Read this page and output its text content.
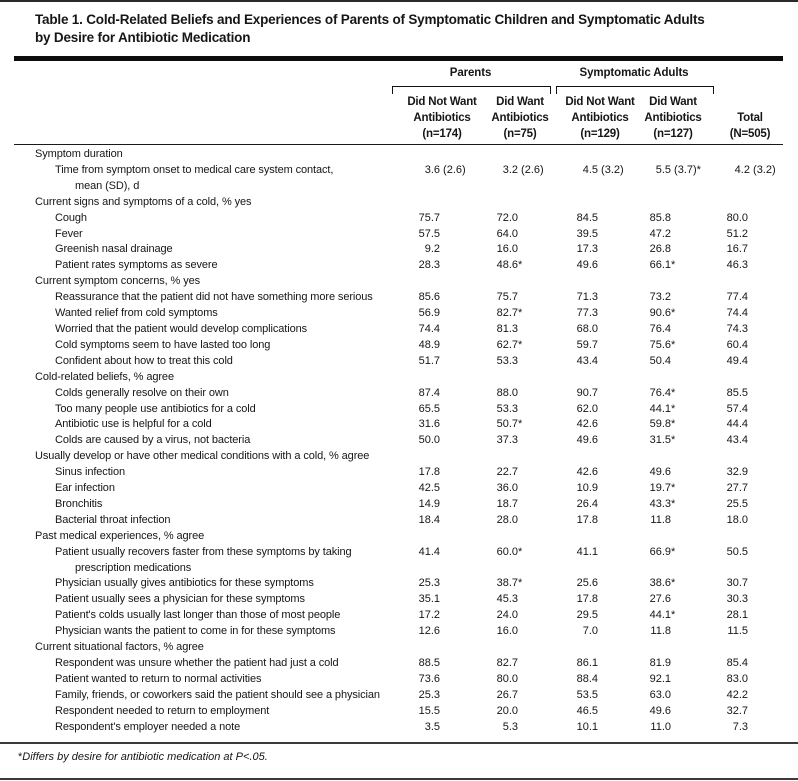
Table 1. Cold-Related Beliefs and Experiences of Parents of Symptomatic Children and Symptomatic Adults
by Desire for Antibiotic Medication
Parents	Symptomatic Adults
Did Not Want
Antibiotics
(n=174)
Did Want
Antibiotics
(n=75)
Did Not Want
Antibiotics
(n=129)
Did Want
Antibiotics
(n=127)
Total
(N=505)
Symptom duration
Time from symptom onset to medical care system contact,
mean (SD), d
3.6 (2.6)	3.2 (2.6)	4.5 (3.2)	5.5 (3.7)*	4.2 (3.2)
Current signs and symptoms of a cold, % yes
Cough	75.7	72.0	84.5	85.8	80.0
Fever	57.5	64.0	39.5	47.2	51.2
Greenish nasal drainage	9.2	16.0	17.3	26.8	16.7
Patient rates symptoms as severe	28.3	48.6*	49.6	66.1*	46.3
Current symptom concerns, % yes
Reassurance that the patient did not have something more serious	85.6	75.7	71.3	73.2	77.4
Wanted relief from cold symptoms	56.9	82.7*	77.3	90.6*	74.4
Worried that the patient would develop complications	74.4	81.3	68.0	76.4	74.3
Cold symptoms seem to have lasted too long	48.9	62.7*	59.7	75.6*	60.4
Confident about how to treat this cold	51.7	53.3	43.4	50.4	49.4
Cold-related beliefs, % agree
Colds generally resolve on their own	87.4	88.0	90.7	76.4*	85.5
Too many people use antibiotics for a cold	65.5	53.3	62.0	44.1*	57.4
Antibiotic use is helpful for a cold	31.6	50.7*	42.6	59.8*	44.4
Colds are caused by a virus, not bacteria	50.0	37.3	49.6	31.5*	43.4
Usually develop or have other medical conditions with a cold, % agree
Sinus infection	17.8	22.7	42.6	49.6	32.9
Ear infection	42.5	36.0	10.9	19.7*	27.7
Bronchitis	14.9	18.7	26.4	43.3*	25.5
Bacterial throat infection	18.4	28.0	17.8	11.8	18.0
Past medical experiences, % agree
Patient usually recovers faster from these symptoms by taking
prescription medications
41.4	60.0*	41.1	66.9*	50.5
Physician usually gives antibiotics for these symptoms	25.3	38.7*	25.6	38.6*	30.7
Patient usually sees a physician for these symptoms	35.1	45.3	17.8	27.6	30.3
Patient's colds usually last longer than those of most people	17.2	24.0	29.5	44.1*	28.1
Physician wants the patient to come in for these symptoms	12.6	16.0	7.0	11.8	11.5
Current situational factors, % agree
Respondent was unsure whether the patient had just a cold	88.5	82.7	86.1	81.9	85.4
Patient wanted to return to normal activities	73.6	80.0	88.4	92.1	83.0
Family, friends, or coworkers said the patient should see a physician	25.3	26.7	53.5	63.0	42.2
Respondent needed to return to employment	15.5	20.0	46.5	49.6	32.7
Respondent's employer needed a note	3.5	5.3	10.1	11.0	7.3
*Differs by desire for antibiotic medication at P<.05.
